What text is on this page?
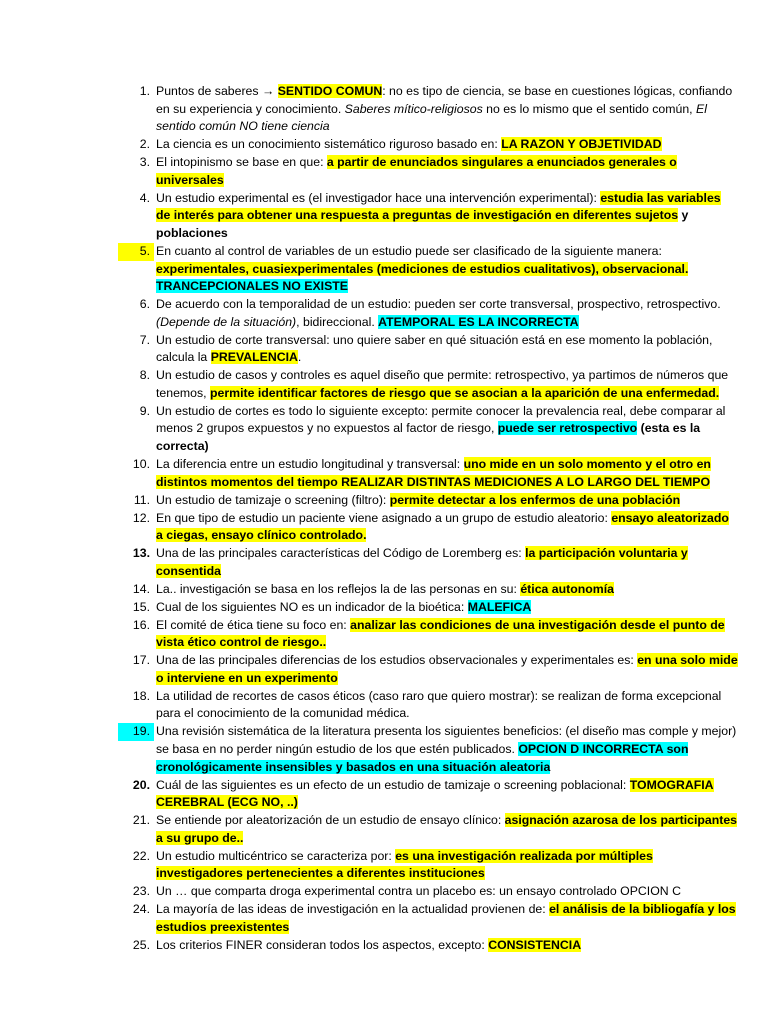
1. Puntos de saberes → SENTIDO COMUN: no es tipo de ciencia, se base en cuestiones lógicas, confiando en su experiencia y conocimiento. Saberes mítico-religiosos no es lo mismo que el sentido común, El sentido común NO tiene ciencia
2. La ciencia es un conocimiento sistemático riguroso basado en: LA RAZON Y OBJETIVIDAD
3. El intopinismo se base en que: a partir de enunciados singulares a enunciados generales o universales
4. Un estudio experimental es (el investigador hace una intervención experimental): estudia las variables de interés para obtener una respuesta a preguntas de investigación en diferentes sujetos y poblaciones
5. En cuanto al control de variables de un estudio puede ser clasificado de la siguiente manera: experimentales, cuasiexperimentales (mediciones de estudios cualitativos), observacional. TRANCEPCIONALES NO EXISTE
6. De acuerdo con la temporalidad de un estudio: pueden ser corte transversal, prospectivo, retrospectivo. (Depende de la situación), bidireccional. ATEMPORAL ES LA INCORRECTA
7. Un estudio de corte transversal: uno quiere saber en qué situación está en ese momento la población, calcula la PREVALENCIA.
8. Un estudio de casos y controles es aquel diseño que permite: retrospectivo, ya partimos de números que tenemos, permite identificar factores de riesgo que se asocian a la aparición de una enfermedad.
9. Un estudio de cortes es todo lo siguiente excepto: permite conocer la prevalencia real, debe comparar al menos 2 grupos expuestos y no expuestos al factor de riesgo, puede ser retrospectivo (esta es la correcta)
10. La diferencia entre un estudio longitudinal y transversal: uno mide en un solo momento y el otro en distintos momentos del tiempo REALIZAR DISTINTAS MEDICIONES A LO LARGO DEL TIEMPO
11. Un estudio de tamizaje o screening (filtro): permite detectar a los enfermos de una población
12. En que tipo de estudio un paciente viene asignado a un grupo de estudio aleatorio: ensayo aleatorizado a ciegas, ensayo clínico controlado.
13. Una de las principales características del Código de Loremberg es: la participación voluntaria y consentida
14. La.. investigación se basa en los reflejos la de las personas en su: ética autonomía
15. Cual de los siguientes NO es un indicador de la bioética: MALEFICA
16. El comité de ética tiene su foco en: analizar las condiciones de una investigación desde el punto de vista ético control de riesgo..
17. Una de las principales diferencias de los estudios observacionales y experimentales es: en una solo mide o interviene en un experimento
18. La utilidad de recortes de casos éticos (caso raro que quiero mostrar): se realizan de forma excepcional para el conocimiento de la comunidad médica.
19. Una revisión sistemática de la literatura presenta los siguientes beneficios: (el diseño mas comple y mejor) se basa en no perder ningún estudio de los que estén publicados. OPCION D INCORRECTA son cronológicamente insensibles y basados en una situación aleatoria
20. Cuál de las siguientes es un efecto de un estudio de tamizaje o screening poblacional: TOMOGRAFIA CEREBRAL (ECG NO, ..)
21. Se entiende por aleatorización de un estudio de ensayo clínico: asignación azarosa de los participantes a su grupo de..
22. Un estudio multicéntrico se caracteriza por: es una investigación realizada por múltiples investigadores pertenecientes a diferentes instituciones
23. Un … que comparta droga experimental contra un placebo es: un ensayo controlado OPCION C
24. La mayoría de las ideas de investigación en la actualidad provienen de: el análisis de la bibliogafía y los estudios preexistentes
25. Los criterios FINER consideran todos los aspectos, excepto: CONSISTENCIA
